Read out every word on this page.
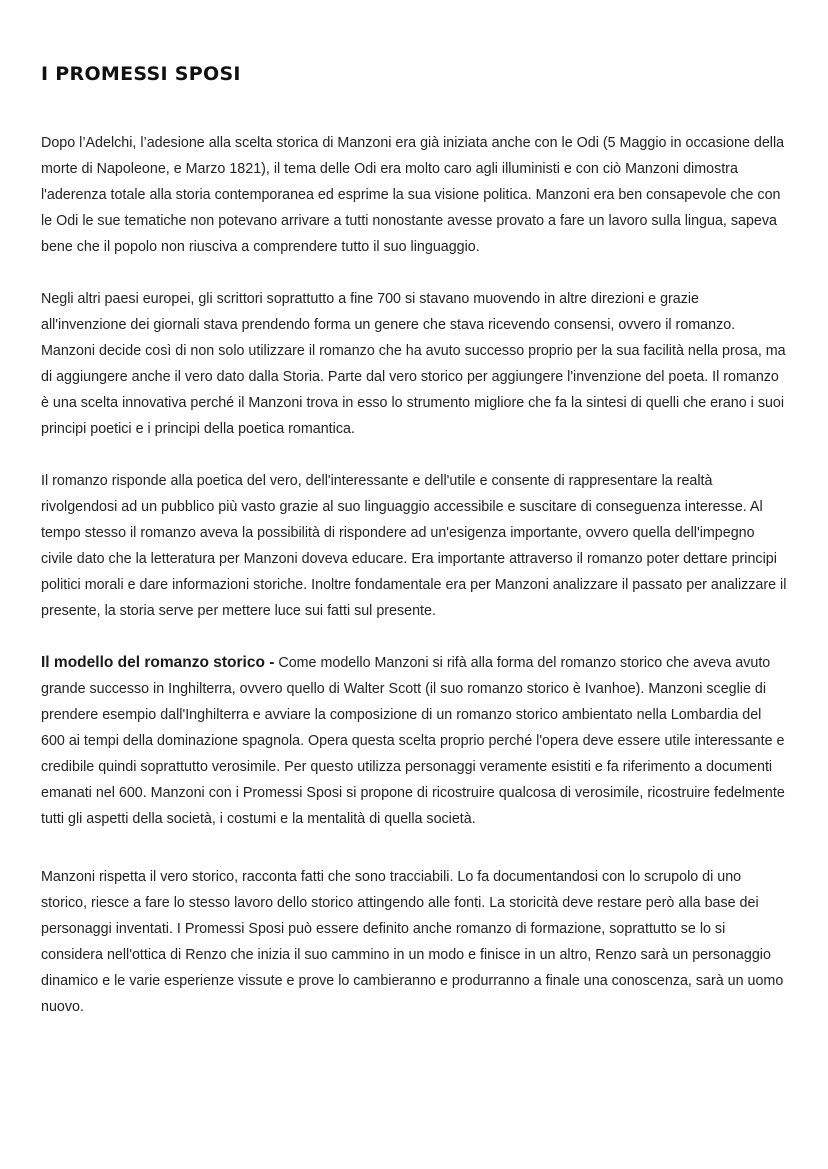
I PROMESSI SPOSI

Dopo l’Adelchi, l’adesione alla scelta storica di Manzoni era già iniziata anche con le Odi (5 Maggio in occasione della morte di Napoleone, e Marzo 1821), il tema delle Odi era molto caro agli illuministi e con ciò Manzoni dimostra l'aderenza totale alla storia contemporanea ed esprime la sua visione politica. Manzoni era ben consapevole che con le Odi le sue tematiche non potevano arrivare a tutti nonostante avesse provato a fare un lavoro sulla lingua, sapeva bene che il popolo non riusciva a comprendere tutto il suo linguaggio.

Negli altri paesi europei, gli scrittori soprattutto a fine 700 si stavano muovendo in altre direzioni e grazie all'invenzione dei giornali stava prendendo forma un genere che stava ricevendo consensi, ovvero il romanzo. Manzoni decide così di non solo utilizzare il romanzo che ha avuto successo proprio per la sua facilità nella prosa, ma di aggiungere anche il vero dato dalla Storia. Parte dal vero storico per aggiungere l'invenzione del poeta. Il romanzo è una scelta innovativa perché il Manzoni trova in esso lo strumento migliore che fa la sintesi di quelli che erano i suoi principi poetici e i principi della poetica romantica.

Il romanzo risponde alla poetica del vero, dell'interessante e dell'utile e consente di rappresentare la realtà rivolgendosi ad un pubblico più vasto grazie al suo linguaggio accessibile e suscitare di conseguenza interesse. Al tempo stesso il romanzo aveva la possibilità di rispondere ad un'esigenza importante, ovvero quella dell'impegno civile dato che la letteratura per Manzoni doveva educare. Era importante attraverso il romanzo poter dettare principi politici morali e dare informazioni storiche. Inoltre fondamentale era per Manzoni analizzare il passato per analizzare il presente, la storia serve per mettere luce sui fatti sul presente.

Il modello del romanzo storico - Come modello Manzoni si rifà alla forma del romanzo storico che aveva avuto grande successo in Inghilterra, ovvero quello di Walter Scott (il suo romanzo storico è Ivanhoe). Manzoni sceglie di prendere esempio dall'Inghilterra e avviare la composizione di un romanzo storico ambientato nella Lombardia del 600 ai tempi della dominazione spagnola. Opera questa scelta proprio perché l'opera deve essere utile interessante e credibile quindi soprattutto verosimile. Per questo utilizza personaggi veramente esistiti e fa riferimento a documenti emanati nel 600. Manzoni con i Promessi Sposi si propone di ricostruire qualcosa di verosimile, ricostruire fedelmente tutti gli aspetti della società, i costumi e la mentalità di quella società.

Manzoni rispetta il vero storico, racconta fatti che sono tracciabili. Lo fa documentandosi con lo scrupolo di uno storico, riesce a fare lo stesso lavoro dello storico attingendo alle fonti. La storicità deve restare però alla base dei personaggi inventati. I Promessi Sposi può essere definito anche romanzo di formazione, soprattutto se lo si considera nell'ottica di Renzo che inizia il suo cammino in un modo e finisce in un altro, Renzo sarà un personaggio dinamico e le varie esperienze vissute e prove lo cambieranno e produrranno a finale una conoscenza, sarà un uomo nuovo.
